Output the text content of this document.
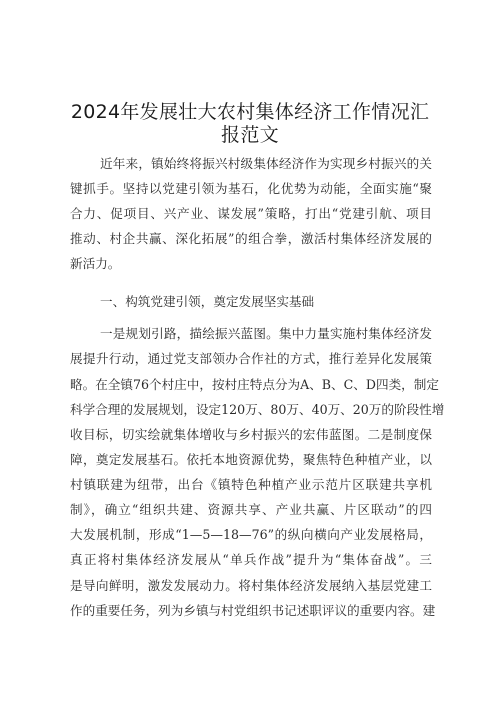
2024年发展壮大农村集体经济工作情况汇
报范文
近年来，镇始终将振兴村级集体经济作为实现乡村振兴的关
键抓手。坚持以党建引领为基石，化优势为动能，全面实施“聚
合力、促项目、兴产业、谋发展”策略，打出“党建引航、项目
推动、村企共赢、深化拓展”的组合拳，激活村集体经济发展的
新活力。
一、构筑党建引领，奠定发展坚实基础
一是规划引路，描绘振兴蓝图。集中力量实施村集体经济发
展提升行动，通过党支部领办合作社的方式，推行差异化发展策
略。在全镇76个村庄中，按村庄特点分为A、B、C、D四类，制定
科学合理的发展规划，设定120万、80万、40万、20万的阶段性增
收目标，切实绘就集体增收与乡村振兴的宏伟蓝图。二是制度保
障，奠定发展基石。依托本地资源优势，聚焦特色种植产业，以
村镇联建为纽带，出台《镇特色种植产业示范片区联建共享机
制》，确立“组织共建、资源共享、产业共赢、片区联动”的四
大发展机制，形成“1—5—18—76”的纵向横向产业发展格局，
真正将村集体经济发展从“单兵作战”提升为“集体奋战”。三
是导向鲜明，激发发展动力。将村集体经济发展纳入基层党建工
作的重要任务，列为乡镇与村党组织书记述职评议的重要内容。建
